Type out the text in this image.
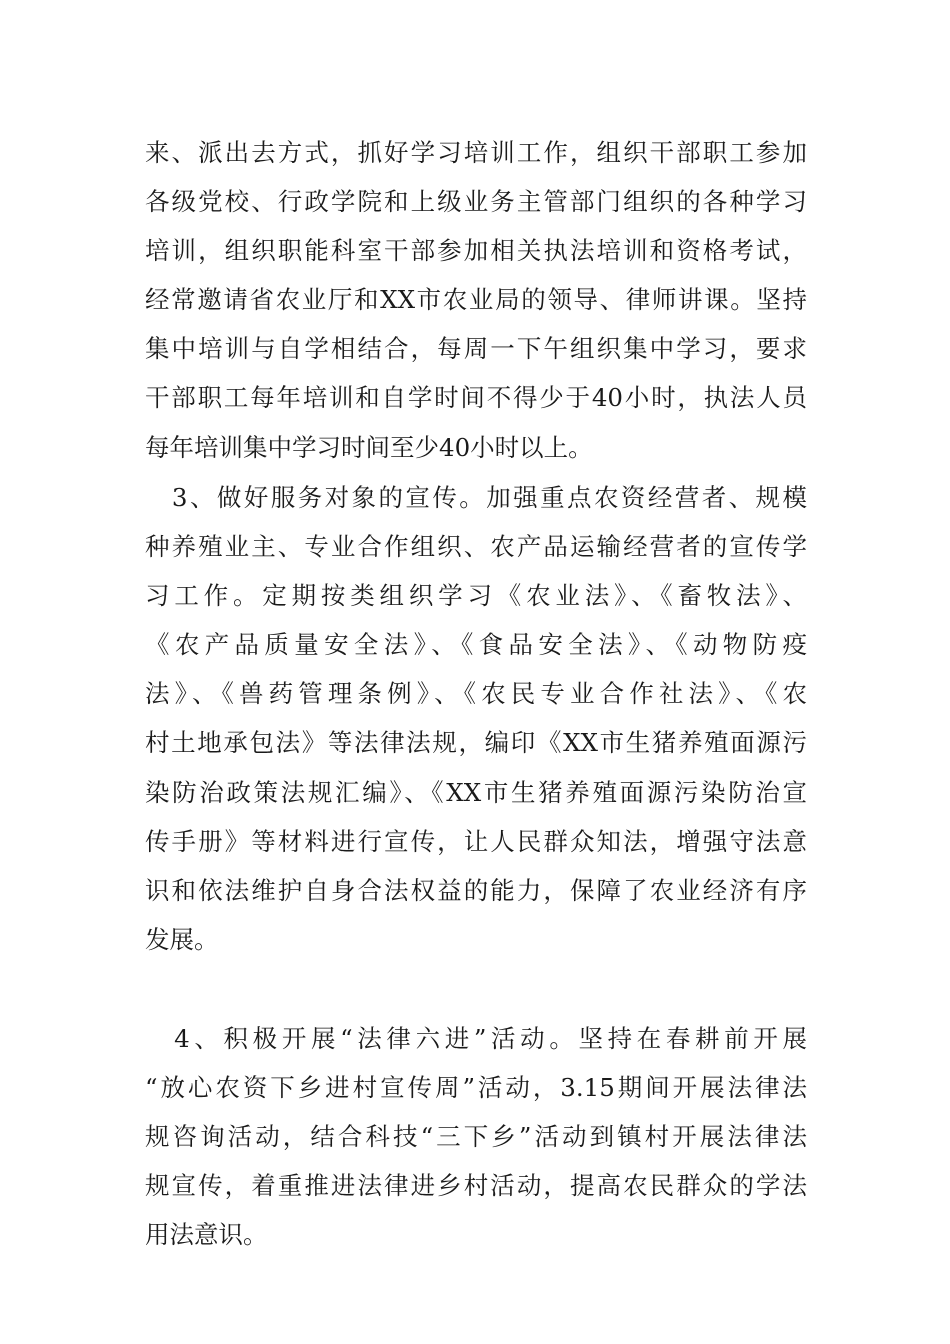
来、派出去方式，抓好学习培训工作，组织干部职工参加
各级党校、行政学院和上级业务主管部门组织的各种学习
培训，组织职能科室干部参加相关执法培训和资格考试，
经常邀请省农业厅和XX市农业局的领导、律师讲课。坚持
集中培训与自学相结合，每周一下午组织集中学习，要求
干部职工每年培训和自学时间不得少于40小时，执法人员
每年培训集中学习时间至少40小时以上。
　3、做好服务对象的宣传。加强重点农资经营者、规模
种养殖业主、专业合作组织、农产品运输经营者的宣传学
习工作。定期按类组织学习《农业法》、《畜牧法》、
《农产品质量安全法》、《食品安全法》、《动物防疫
法》、《兽药管理条例》、《农民专业合作社法》、《农
村土地承包法》等法律法规，编印《XX市生猪养殖面源污
染防治政策法规汇编》、《XX市生猪养殖面源污染防治宣
传手册》等材料进行宣传，让人民群众知法，增强守法意
识和依法维护自身合法权益的能力，保障了农业经济有序
发展。
　4、积极开展“法律六进”活动。坚持在春耕前开展
“放心农资下乡进村宣传周”活动，3.15期间开展法律法
规咨询活动，结合科技“三下乡”活动到镇村开展法律法
规宣传，着重推进法律进乡村活动，提高农民群众的学法
用法意识。
